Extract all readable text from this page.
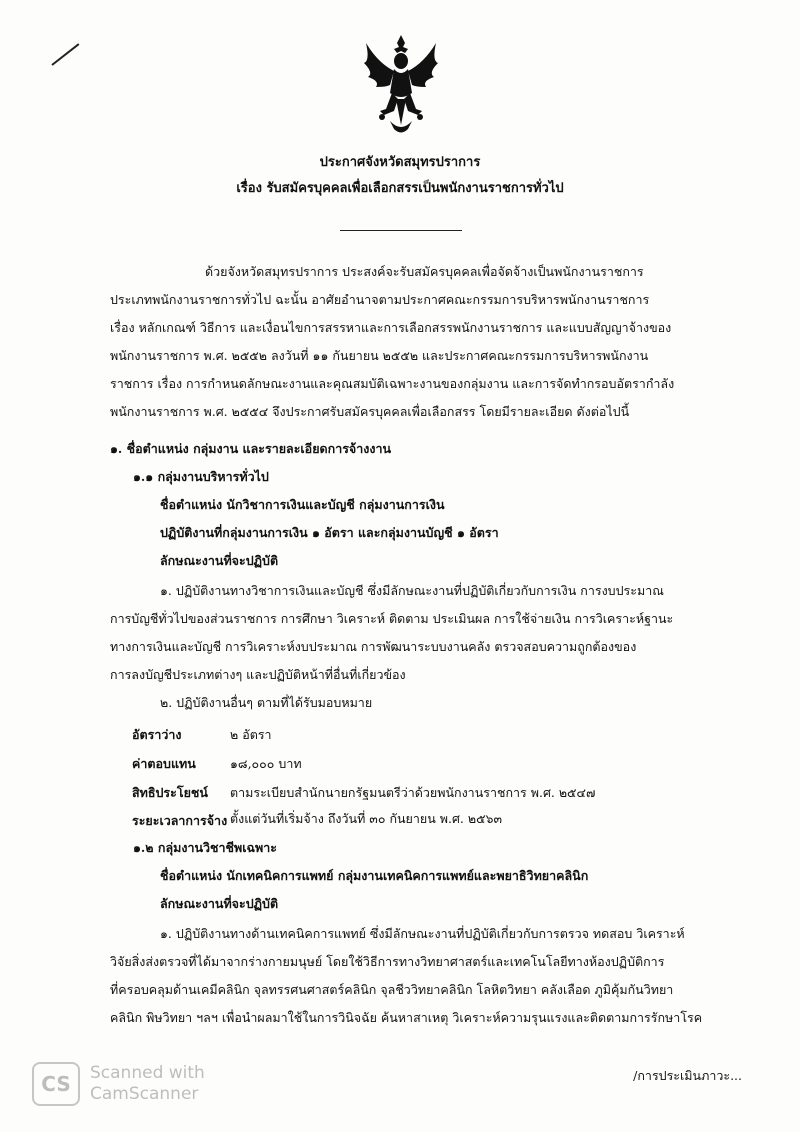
ประกาศจังหวัดสมุทรปราการ
เรื่อง รับสมัครบุคคลเพื่อเลือกสรรเป็นพนักงานราชการทั่วไป
ด้วยจังหวัดสมุทรปราการ ประสงค์จะรับสมัครบุคคลเพื่อจัดจ้างเป็นพนักงานราชการ
ประเภทพนักงานราชการทั่วไป ฉะนั้น อาศัยอำนาจตามประกาศคณะกรรมการบริหารพนักงานราชการ
เรื่อง หลักเกณฑ์ วิธีการ และเงื่อนไขการสรรหาและการเลือกสรรพนักงานราชการ และแบบสัญญาจ้างของ
พนักงานราชการ พ.ศ. ๒๕๕๒ ลงวันที่ ๑๑ กันยายน ๒๕๕๒ และประกาศคณะกรรมการบริหารพนักงาน
ราชการ เรื่อง การกำหนดลักษณะงานและคุณสมบัติเฉพาะงานของกลุ่มงาน และการจัดทำกรอบอัตรากำลัง
พนักงานราชการ พ.ศ. ๒๕๕๔ จึงประกาศรับสมัครบุคคลเพื่อเลือกสรร โดยมีรายละเอียด ดังต่อไปนี้
๑. ชื่อตำแหน่ง กลุ่มงาน และรายละเอียดการจ้างงาน
๑.๑ กลุ่มงานบริหารทั่วไป
ชื่อตำแหน่ง นักวิชาการเงินและบัญชี กลุ่มงานการเงิน
ปฏิบัติงานที่กลุ่มงานการเงิน ๑ อัตรา และกลุ่มงานบัญชี ๑ อัตรา
ลักษณะงานที่จะปฏิบัติ
๑. ปฏิบัติงานทางวิชาการเงินและบัญชี ซึ่งมีลักษณะงานที่ปฏิบัติเกี่ยวกับการเงิน การงบประมาณ
การบัญชีทั่วไปของส่วนราชการ การศึกษา วิเคราะห์ ติดตาม ประเมินผล การใช้จ่ายเงิน การวิเคราะห์ฐานะ
ทางการเงินและบัญชี การวิเคราะห์งบประมาณ การพัฒนาระบบงานคลัง ตรวจสอบความถูกต้องของ
การลงบัญชีประเภทต่างๆ และปฏิบัติหน้าที่อื่นที่เกี่ยวข้อง
๒. ปฏิบัติงานอื่นๆ ตามที่ได้รับมอบหมาย
อัตราว่าง	๒ อัตรา
ค่าตอบแทน	๑๘,๐๐๐ บาท
สิทธิประโยชน์ ตามระเบียบสำนักนายกรัฐมนตรีว่าด้วยพนักงานราชการ พ.ศ. ๒๕๔๗
ระยะเวลาการจ้าง ตั้งแต่วันที่เริ่มจ้าง ถึงวันที่ ๓๐ กันยายน พ.ศ. ๒๕๖๓
๑.๒ กลุ่มงานวิชาชีพเฉพาะ
ชื่อตำแหน่ง นักเทคนิคการแพทย์ กลุ่มงานเทคนิคการแพทย์และพยาธิวิทยาคลินิก
ลักษณะงานที่จะปฏิบัติ
๑. ปฏิบัติงานทางด้านเทคนิคการแพทย์ ซึ่งมีลักษณะงานที่ปฏิบัติเกี่ยวกับการตรวจ ทดสอบ วิเคราะห์
วิจัยสิ่งส่งตรวจที่ได้มาจากร่างกายมนุษย์ โดยใช้วิธีการทางวิทยาศาสตร์และเทคโนโลยีทางห้องปฏิบัติการ
ที่ครอบคลุมด้านเคมีคลินิก จุลทรรศนศาสตร์คลินิก จุลชีววิทยาคลินิก โลหิตวิทยา คลังเลือด ภูมิคุ้มกันวิทยา
คลินิก พิษวิทยา ฯลฯ เพื่อนำผลมาใช้ในการวินิจฉัย ค้นหาสาเหตุ วิเคราะห์ความรุนแรงและติดตามการรักษาโรค
/การประเมินภาวะ...
CS	Scanned with
CamScanner
